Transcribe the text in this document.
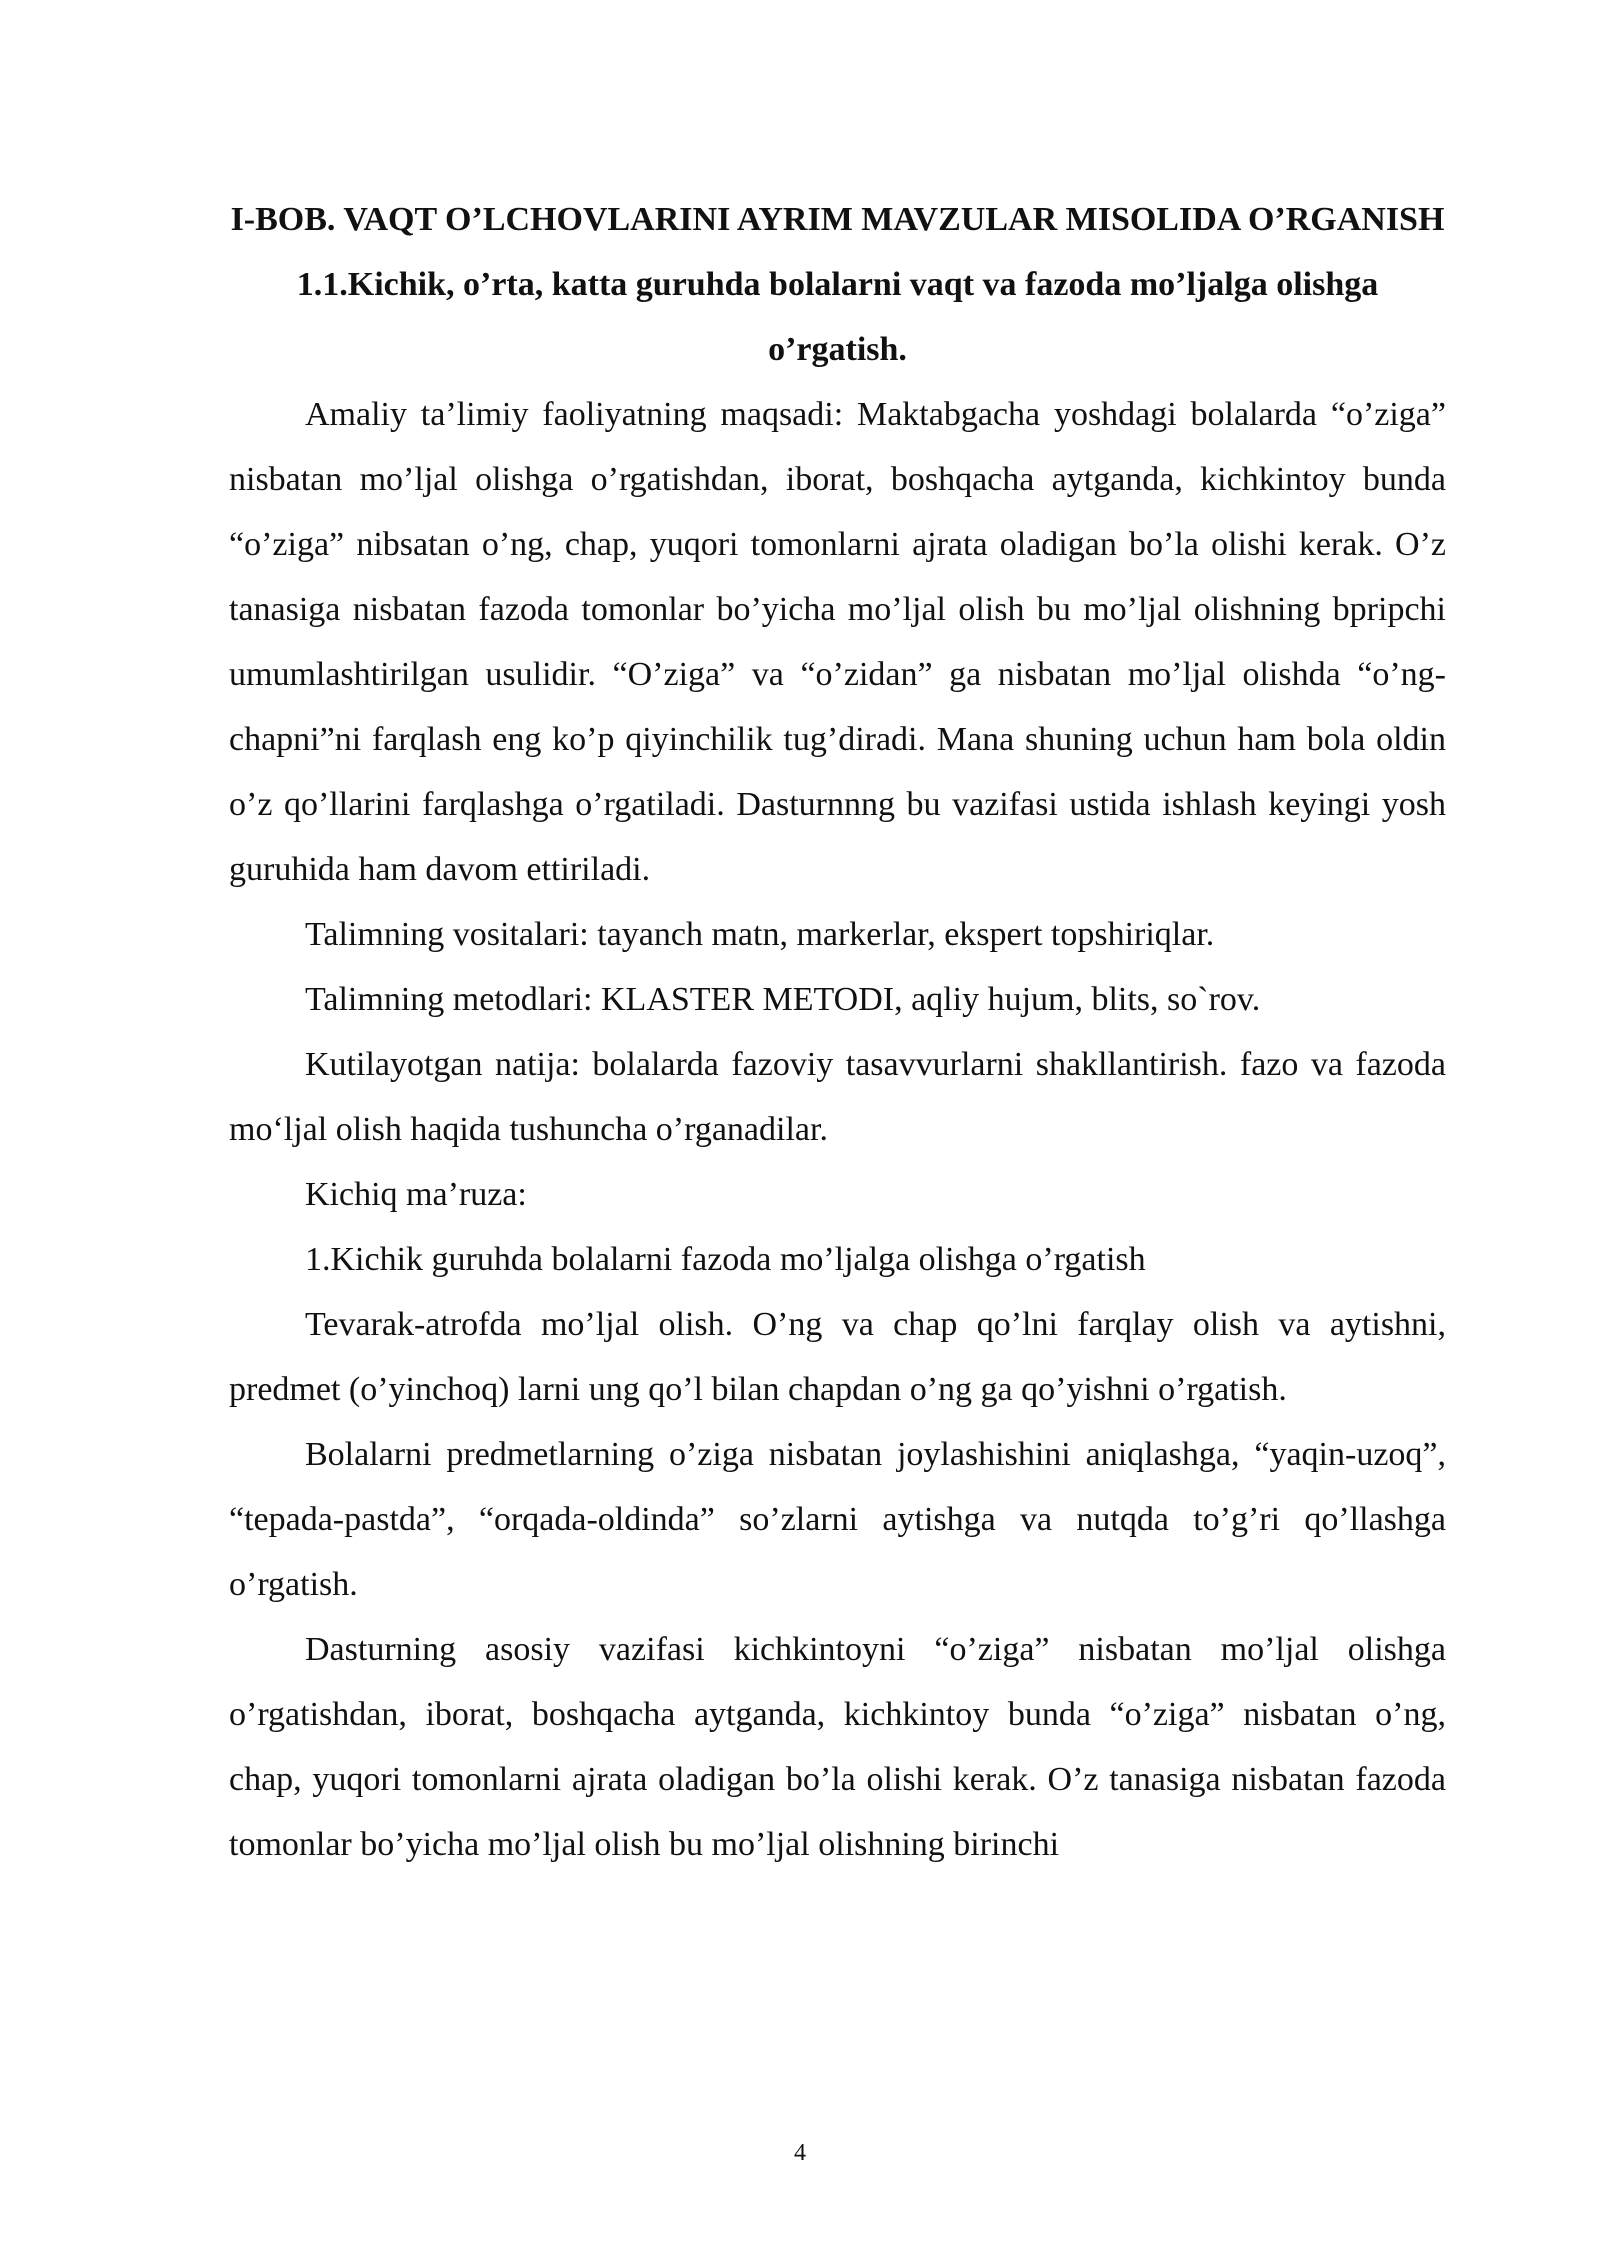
I-BOB. VAQT O’LCHOVLARINI AYRIM MAVZULAR MISOLIDA O’RGANISH

1.1.Kichik, o’rta, katta guruhda bolalarni vaqt va fazoda mo’ljalga olishga o’rgatish.

Amaliy ta’limiy faoliyatning maqsadi: Maktabgacha yoshdagi bolalarda “o’ziga” nisbatan mo’ljal olishga o’rgatishdan, iborat, boshqacha aytganda, kichkintoy bunda “o’ziga” nibsatan o’ng, chap, yuqori tomonlarni ajrata oladigan bo’la olishi kerak. O’z tanasiga nisbatan fazoda tomonlar bo’yicha mo’ljal olish bu mo’ljal olishning bpripchi umumlashtirilgan usulidir. “O’ziga” va “o’zidan” ga nisbatan mo’ljal olishda “o’ng-chapni”ni farqlash eng ko’p qiyinchilik tug’diradi. Mana shuning uchun ham bola oldin o’z qo’llarini farqlashga o’rgatiladi. Dasturnnng bu vazifasi ustida ishlash keyingi yosh guruhida ham davom ettiriladi.

Talimning vositalari: tayanch matn, markerlar, ekspert topshiriqlar.

Talimning metodlari: KLASTER METODI, aqliy hujum, blits, so`rov.

Kutilayotgan natija: bolalarda fazoviy tasavvurlarni shakllantirish. fazo va fazoda mo‘ljal olish haqida tushuncha o’rganadilar.

Kichiq ma’ruza:

1.Kichik guruhda bolalarni fazoda mo’ljalga olishga o’rgatish

Tevarak-atrofda mo’ljal olish. O’ng va chap qo’lni farqlay olish va aytishni, predmet (o’yinchoq) larni ung qo’l bilan chapdan o’ng ga qo’yishni o’rgatish.

Bolalarni predmetlarning o’ziga nisbatan joylashishini aniqlashga, “yaqin-uzoq”, “tepada-pastda”, “orqada-oldinda” so’zlarni aytishga va nutqda to’g’ri qo’llashga o’rgatish.

Dasturning asosiy vazifasi kichkintoyni “o’ziga” nisbatan mo’ljal olishga o’rgatishdan, iborat, boshqacha aytganda, kichkintoy bunda “o’ziga” nisbatan o’ng, chap, yuqori tomonlarni ajrata oladigan bo’la olishi kerak. O’z tanasiga nisbatan fazoda tomonlar bo’yicha mo’ljal olish bu mo’ljal olishning birinchi

4
